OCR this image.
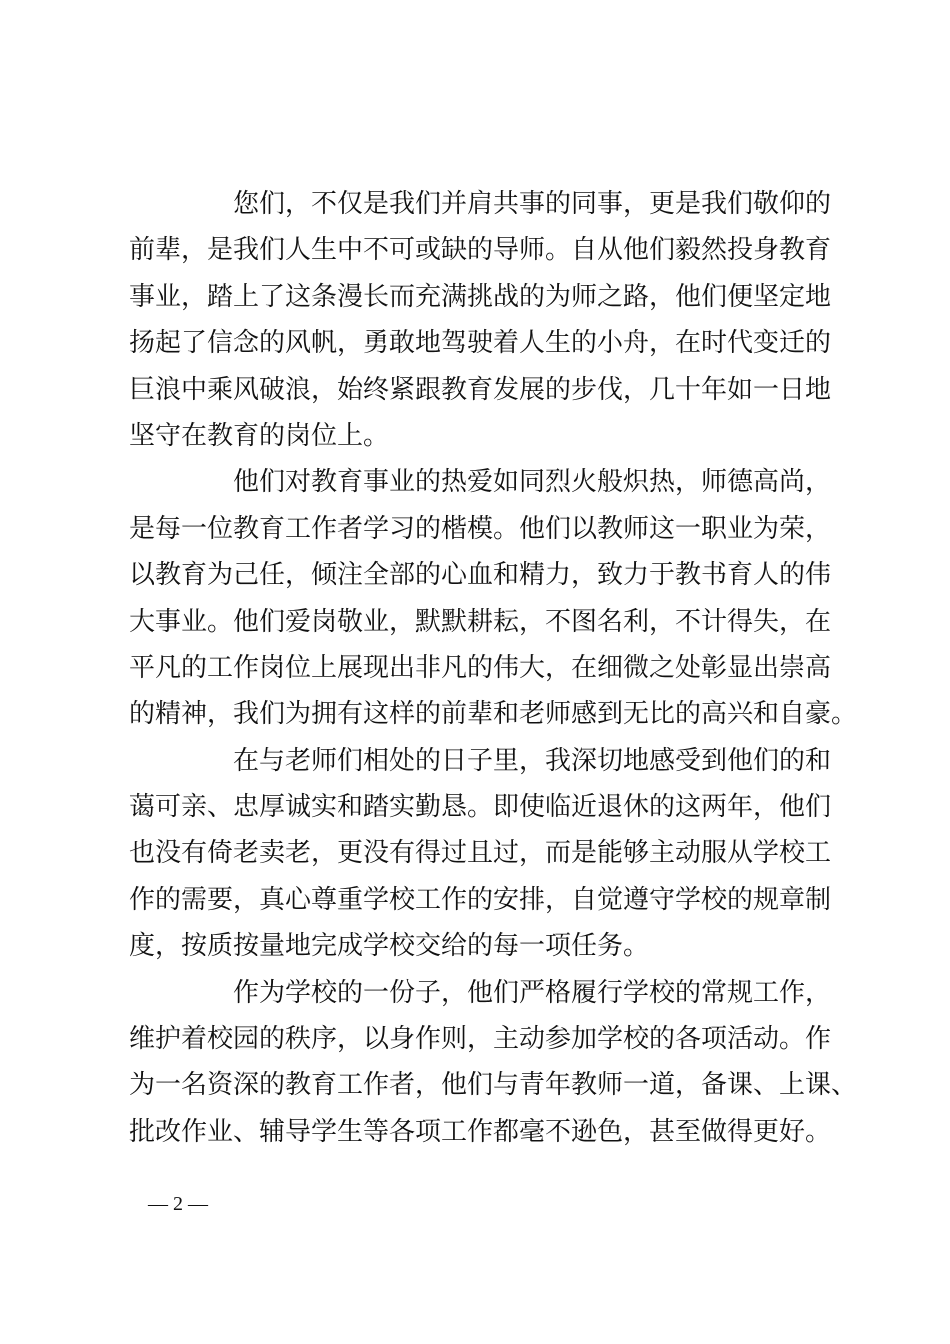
您们，不仅是我们并肩共事的同事，更是我们敬仰的
前辈，是我们人生中不可或缺的导师。自从他们毅然投身教育
事业，踏上了这条漫长而充满挑战的为师之路，他们便坚定地
扬起了信念的风帆，勇敢地驾驶着人生的小舟，在时代变迁的
巨浪中乘风破浪，始终紧跟教育发展的步伐，几十年如一日地
坚守在教育的岗位上。
他们对教育事业的热爱如同烈火般炽热，师德高尚，
是每一位教育工作者学习的楷模。他们以教师这一职业为荣，
以教育为己任，倾注全部的心血和精力，致力于教书育人的伟
大事业。他们爱岗敬业，默默耕耘，不图名利，不计得失，在
平凡的工作岗位上展现出非凡的伟大，在细微之处彰显出崇高
的精神，我们为拥有这样的前辈和老师感到无比的高兴和自豪。
在与老师们相处的日子里，我深切地感受到他们的和
蔼可亲、忠厚诚实和踏实勤恳。即使临近退休的这两年，他们
也没有倚老卖老，更没有得过且过，而是能够主动服从学校工
作的需要，真心尊重学校工作的安排，自觉遵守学校的规章制
度，按质按量地完成学校交给的每一项任务。
作为学校的一份子，他们严格履行学校的常规工作，
维护着校园的秩序，以身作则，主动参加学校的各项活动。作
为一名资深的教育工作者，他们与青年教师一道，备课、上课、
批改作业、辅导学生等各项工作都毫不逊色，甚至做得更好。
— 2 —
